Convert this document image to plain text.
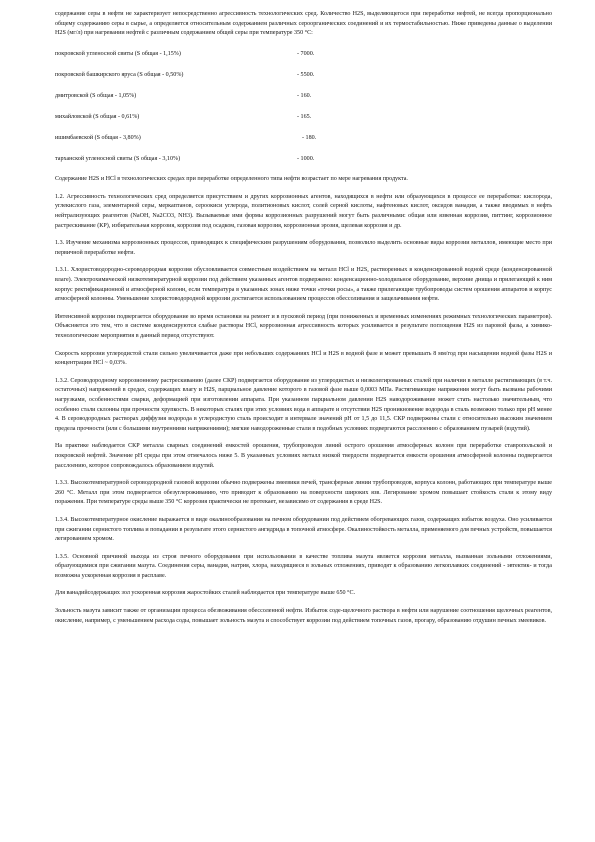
содержание серы в нефти не характеризует непосредственно агрессивность технологических сред. Количество H2S, выделяющегося при переработке нефтей, не всегда пропорционально общему содержанию серы в сырье, а определяется относительным содержанием различных сероорганических соединений и их термостабильностью. Ниже приведены данные о выделении H2S (мг/л) при нагревании нефтей с различным содержанием общей серы при температуре 350 °С:

покровской угленосной свиты (S общая - 1,15%)	- 7000.
покровской башкирского яруса (S общая - 0,50%)	- 5500.
дмитровской (S общая - 1,05%)	- 160.
михайловской (S общая - 0,61%)	- 165.
ишимбаевской (S общая - 3,80%)	- 180.
тарханской угленосной свиты (S общая - 3,10%)	- 1000.

Содержание H2S и HCl в технологических средах при переработке определенного типа нефти возрастает по мере нагревания продукта.

1.2. Агрессивность технологических сред определяется присутствием и других коррозионных агентов, находящихся в нефти или образующихся в процессе ее переработки: кислорода, углекислого газа, элементарной серы, меркаптанов, сероокиси углерода, политионовых кислот, солей серной кислоты, нафтеновых кислот, оксидов ванадия, а также вводимых в нефть нейтрализующих реагентов (NaOH, Na2CO3, NH3). Вызываемые ими формы коррозионных разрушений могут быть различными: общая или язвенная коррозия, питтинг, коррозионное растрескивание (КР), избирательная коррозия, коррозия под осадком, газовая коррозия, коррозионная эрозия, щелевая коррозия и др.

1.3. Изучение механизма коррозионных процессов, приводящих к специфическим разрушениям оборудования, позволило выделить основные виды коррозии металлов, имеющие место при первичной переработке нефти.

1.3.1. Хлористоводородно-сероводородная коррозия обусловливается совместным воздействием на металл HCl и H2S, растворенных в конденсированной водной среде (конденсированной влаге). Электрохимической низкотемпературной коррозии под действием указанных агентов подвержено: конденсационно-холодильное оборудование, верхние днища и прилегающий к ним корпус ректификационной и атмосферной колонн, если температура в указанных зонах ниже точки «точки росы», а также прилегающие трубопроводы систем орошения аппаратов и корпус атмосферной колонны. Уменьшение хлористоводородной коррозии достигается использованием процессов обессоливания и защелачивания нефти.

Интенсивной коррозии подвергается оборудование во время остановки на ремонт и в пусковой период (при пониженных и временных изменениях режимных технологических параметров). Объясняется это тем, что в системе конденсируются слабые растворы HCl, коррозионная агрессивность которых усиливается в результате поглощения H2S из паровой фазы, а химико-технологические мероприятия в данный период отсутствуют.

Скорость коррозии углеродистой стали сильно увеличивается даже при небольших содержаниях HCl и H2S в водной фазе и может превышать 8 мм/год при насыщении водной фазы H2S и концентрации HCl ~ 0,03%.

1.3.2. Сероводородному коррозионному растрескиванию (далее СКР) подвергается оборудование из углеродистых и низколегированных сталей при наличии в металле растягивающих (в т.ч. остаточных) напряжений в средах, содержащих влагу и H2S, парциальное давление которого в газовой фазе выше 0,0003 МПа. Растягивающие напряжения могут быть вызваны рабочими нагрузками, особенностями сварки, деформацией при изготовлении аппарата. При указанном парциальном давлении H2S наводороживание может стать настолько значительным, что особенно стали склонны при прочности хрупкость. В некоторых сталях при этих условиях вода в аппарате и отсутствии H2S проникновение водорода в сталь возможно только при pH менее 4. В сероводородных растворах диффузия водорода в углеродистую сталь происходит в интервале значений pH от 1,5 до 11,5. СКР подвержены стали с относительно высоким значением предела прочности (или с большими внутренними напряжениями); мягкие наводороженные стали в подобных условиях подвергаются расслоению с образованием пузырей (вздутий).

На практике наблюдается СКР металла сварных соединений емкостей орошения, трубопроводов линий острого орошения атмосферных колонн при переработке ставропольской и покровской нефтей. Значение pH среды при этом отмечалось ниже 5. В указанных условиях металл низкой твердости подвергается емкости орошения атмосферной колонны подвергается расслоению, которое сопровождалось образованием вздутий.

1.3.3. Высокотемпературной сероводородной газовой коррозии обычно подвержены змеевики печей, трансферные линии трубопроводов, корпуса колонн, работающих при температуре выше 260 °С. Металл при этом подвергается обезуглероживанию, что приводит к образованию на поверхности широких язв. Легирование хромом повышает стойкость стали к этому виду поражения. При температуре среды выше 350 °С коррозия практически не протекает, независимо от содержания в среде H2S.

1.3.4. Высокотемпературное окисление выражается в виде окалинообразования на печном оборудовании под действием обогревающих газов, содержащих избыток воздуха. Оно усиливается при сжигании сернистого топлива и попадании в результате этого сернистого ангидрида в топочной атмосфере. Окалиностойкость металла, применяемого для печных устройств, повышается легированием хромом.

1.3.5. Основной причиной выхода из строя печного оборудования при использовании в качестве топлива мазута является коррозия металла, вызванная зольными отложениями, образующимися при сжигании мазута. Соединения серы, ванадия, натрия, хлора, находящиеся в зольных отложениях, приводят к образованию легкоплавких соединений - эвтектик- и тогда возможна ускоренная коррозия в расплаве.

Для ванадийсодержащих зол ускоренная коррозия жаростойких сталей наблюдается при температуре выше 650 °С.

Зольность мазута зависит также от организации процесса обезвоживания обессоленной нефти. Избыток соде-щелочного раствора в нефти или нарушение соотношения щелочных реагентов, окисление, например, с уменьшением расхода соды, повышает зольность мазута и способствует коррозии под действием топочных газов, прогару, образованию отдушин печных змеевиков.
